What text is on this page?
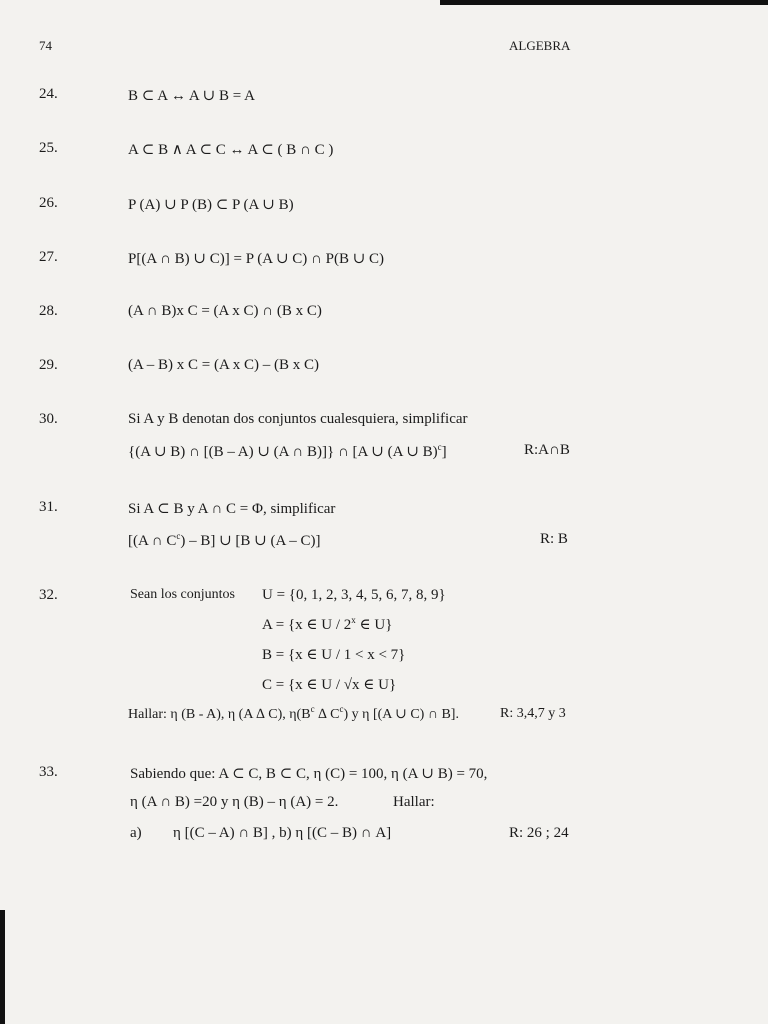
74	ALGEBRA
24.	B ⊂ A ↔ A ∪ B = A
25.	A ⊂ B ∧ A ⊂ C ↔ A ⊂ ( B ∩ C )
26.	P (A) ∪ P (B) ⊂ P (A ∪ B)
27.	P[(A ∩ B) ∪ C)] = P (A ∪ C) ∩ P(B ∪ C)
28.	(A ∩ B)x C = (A x C) ∩ (B x C)
29.	(A – B) x C = (A x C) – (B x C)
30.	Si A y B denotan dos conjuntos cualesquiera, simplificar
{(A ∪ B) ∩ [(B – A) ∪ (A ∩ B)]} ∩ [A ∪ (A ∪ B)$^c$]	R:A∩B
31.	Si A ⊂ B y A ∩ C = Φ, simplificar
[(A ∩ $C^c) - B$] ∪ [B ∪ (A – C)]	R: B
32.	Sean los conjuntos U = {0, 1, 2, 3, 4, 5, 6, 7, 8, 9}
A = {x ∈ U / 2$^x$ ∈ U}
B = {x ∈ U / 1 < x < 7}
C = {x ∈ U / √x ∈ U}
Hallar: η (B - A), η (A ∆ C), $\eta(B^c$ ∆ $C^c$) y η [(A ∪ C) ∩ B].	R: 3,4,7 y 3
33.	Sabiendo que: A ⊂ C, B ⊂ C, η (C) = 100, η (A ∪ B) = 70,
η (A ∩ B) =20 y η (B) – η (A) = 2.	Hallar:
a) η [(C – A) ∩ B] , b) η [(C – B) ∩ A]	R: 26 ; 24
